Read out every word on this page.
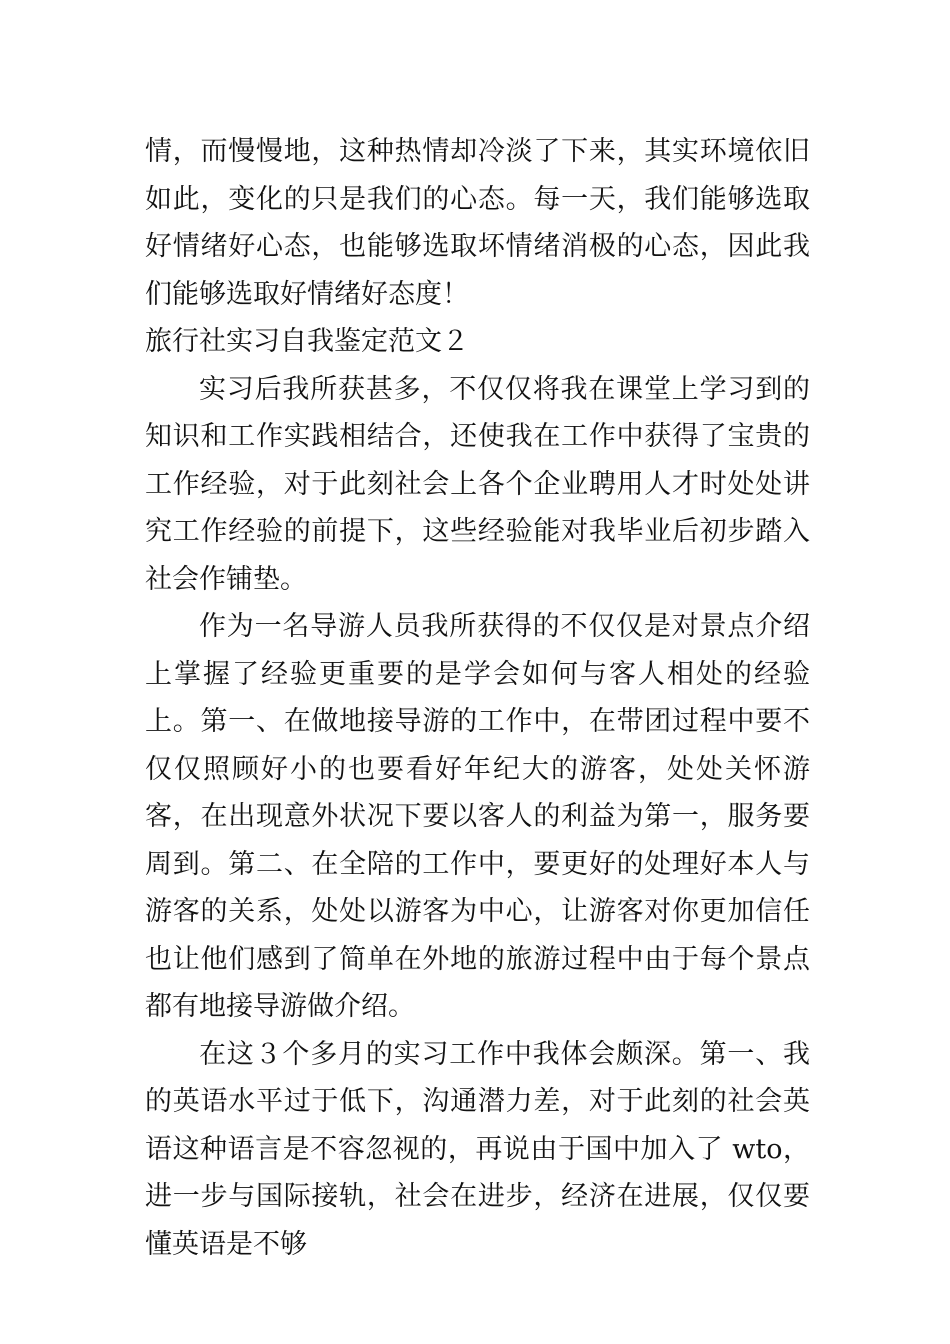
情，而慢慢地，这种热情却冷淡了下来，其实环境依旧如此，变化的只是我们的心态。每一天，我们能够选取好情绪好心态，也能够选取坏情绪消极的心态，因此我们能够选取好情绪好态度！

旅行社实习自我鉴定范文２

实习后我所获甚多，不仅仅将我在课堂上学习到的知识和工作实践相结合，还使我在工作中获得了宝贵的工作经验，对于此刻社会上各个企业聘用人才时处处讲究工作经验的前提下，这些经验能对我毕业后初步踏入社会作铺垫。

作为一名导游人员我所获得的不仅仅是对景点介绍上掌握了经验更重要的是学会如何与客人相处的经验上。第一、在做地接导游的工作中，在带团过程中要不仅仅照顾好小的也要看好年纪大的游客，处处关怀游客，在出现意外状况下要以客人的利益为第一，服务要周到。第二、在全陪的工作中，要更好的处理好本人与游客的关系，处处以游客为中心，让游客对你更加信任也让他们感到了简单在外地的旅游过程中由于每个景点都有地接导游做介绍。

在这３个多月的实习工作中我体会颇深。第一、我的英语水平过于低下，沟通潜力差，对于此刻的社会英语这种语言是不容忽视的，再说由于国中加入了 wto，进一步与国际接轨，社会在进步，经济在进展，仅仅要懂英语是不够
